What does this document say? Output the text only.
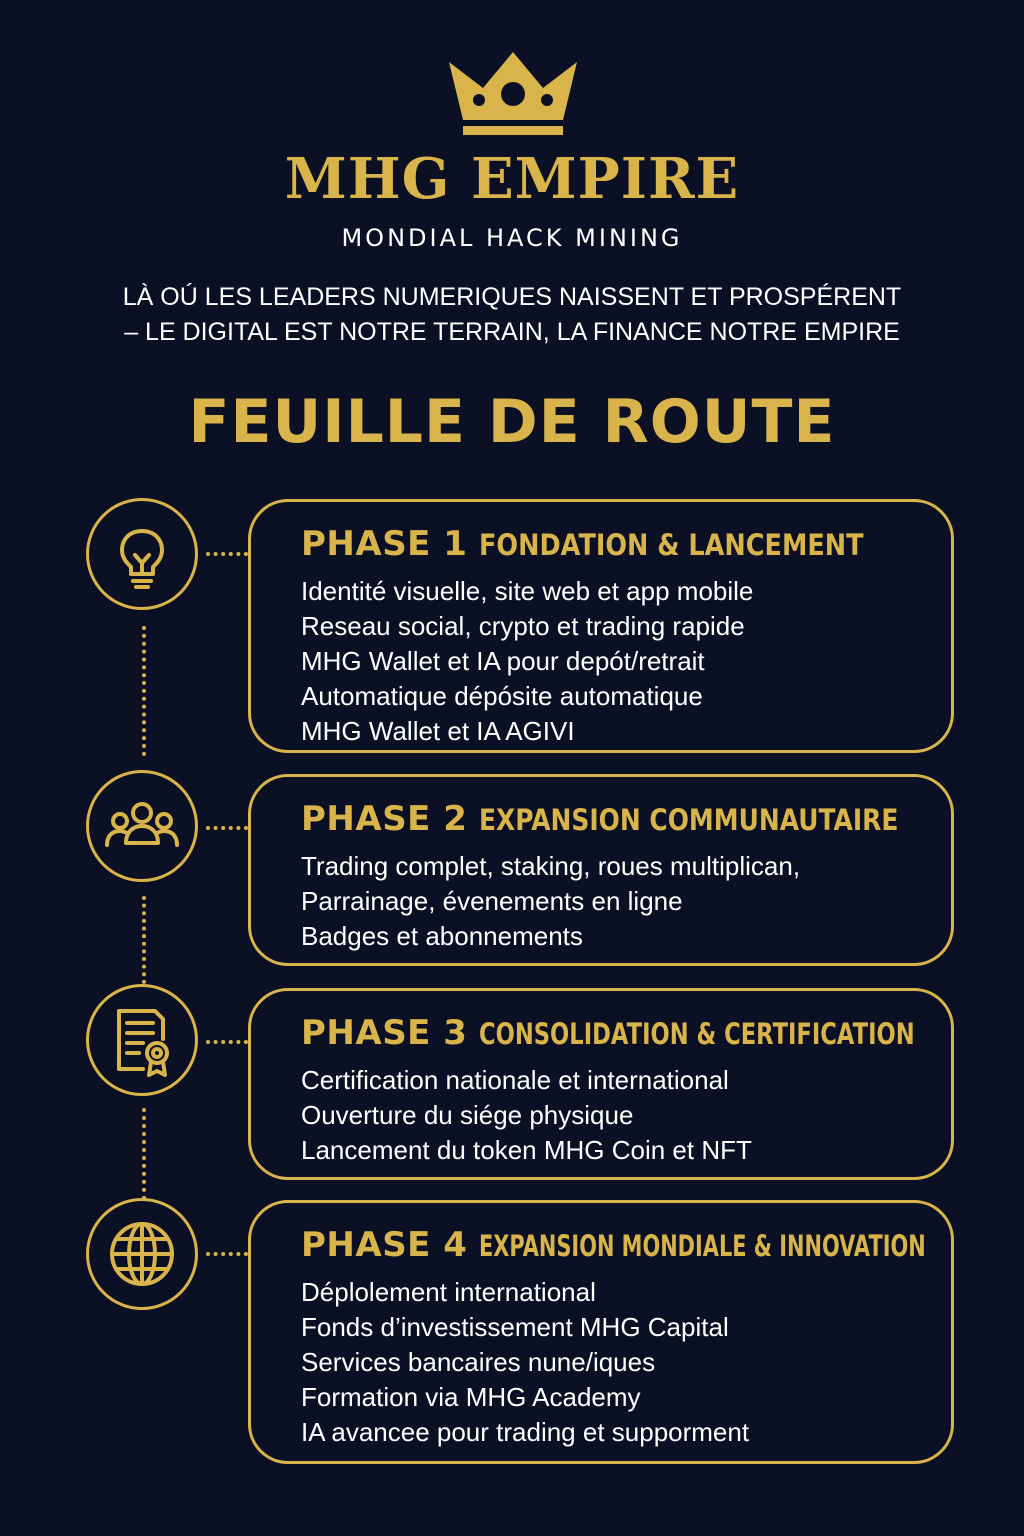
MHG EMPIRE
MONDIAL HACK MINING
LÀ OÚ LES LEADERS NUMERIQUES NAISSENT ET PROSPÉRENT
– LE DIGITAL EST NOTRE TERRAIN, LA FINANCE NOTRE EMPIRE
FEUILLE DE ROUTE
PHASE 1 FONDATION & LANCEMENT
Identité visuelle, site web et app mobile
Reseau social, crypto et trading rapide
MHG Wallet et IA pour depót/retrait
Automatique dépósite automatique
MHG Wallet et IA AGIVI
PHASE 2 EXPANSION COMMUNAUTAIRE
Trading complet, staking, roues multiplican,
Parrainage, évenements en ligne
Badges et abonnements
PHASE 3 CONSOLIDATION & CERTIFICATION
Certification nationale et international
Ouverture du siége physique
Lancement du token MHG Coin et NFT
PHASE 4 EXPANSION MONDIALE & INNOVATION
Déplolement international
Fonds d’investissement MHG Capital
Services bancaires nune/iques
Formation via MHG Academy
IA avancee pour trading et supporment
